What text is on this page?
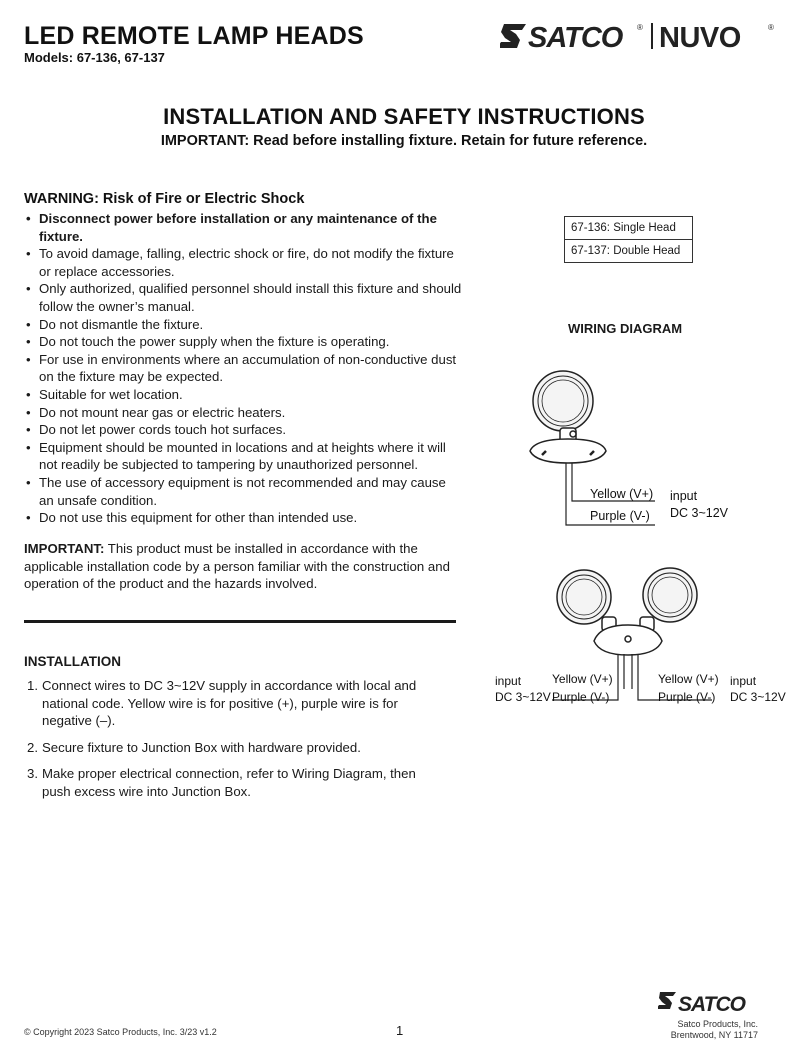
LED REMOTE LAMP HEADS
Models: 67-136, 67-137
SATCO ® NUVO	®
INSTALLATION AND SAFETY INSTRUCTIONS
IMPORTANT: Read before installing fixture. Retain for future reference.
WARNING: Risk of Fire or Electric Shock
• Disconnect power before installation or any maintenance of the fixture.
• To avoid damage, falling, electric shock or fire, do not modify the fixture or replace accessories.
• Only authorized, qualified personnel should install this fixture and should follow the owner’s manual.
• Do not dismantle the fixture.
• Do not touch the power supply when the fixture is operating.
• For use in environments where an accumulation of non-conductive dust on the fixture may be expected.
• Suitable for wet location.
• Do not mount near gas or electric heaters.
• Do not let power cords touch hot surfaces.
• Equipment should be mounted in locations and at heights where it will not readily be subjected to tampering by unauthorized personnel.
• The use of accessory equipment is not recommended and may cause an unsafe condition.
• Do not use this equipment for other than intended use.

IMPORTANT: This product must be installed in accordance with the applicable installation code by a person familiar with the construction and operation of the product and the hazards involved.

INSTALLATION
1. Connect wires to DC 3~12V supply in accordance with local and national code. Yellow wire is for positive (+), purple wire is for negative (–).
2. Secure fixture to Junction Box with hardware provided.
3. Make proper electrical connection, refer to Wiring Diagram, then push excess wire into Junction Box.
67-136: Single Head
67-137: Double Head
WIRING DIAGRAM
Yellow (V+)
Purple (V-)
input
DC 3~12V
input
DC 3~12V
Yellow (V+)
Purple (V-)
Yellow (V+)
Purple (V-)
input
DC 3~12V
© Copyright 2023 Satco Products, Inc. 3/23 v1.2	1
SATCO
Satco Products, Inc.
Brentwood, NY 11717
